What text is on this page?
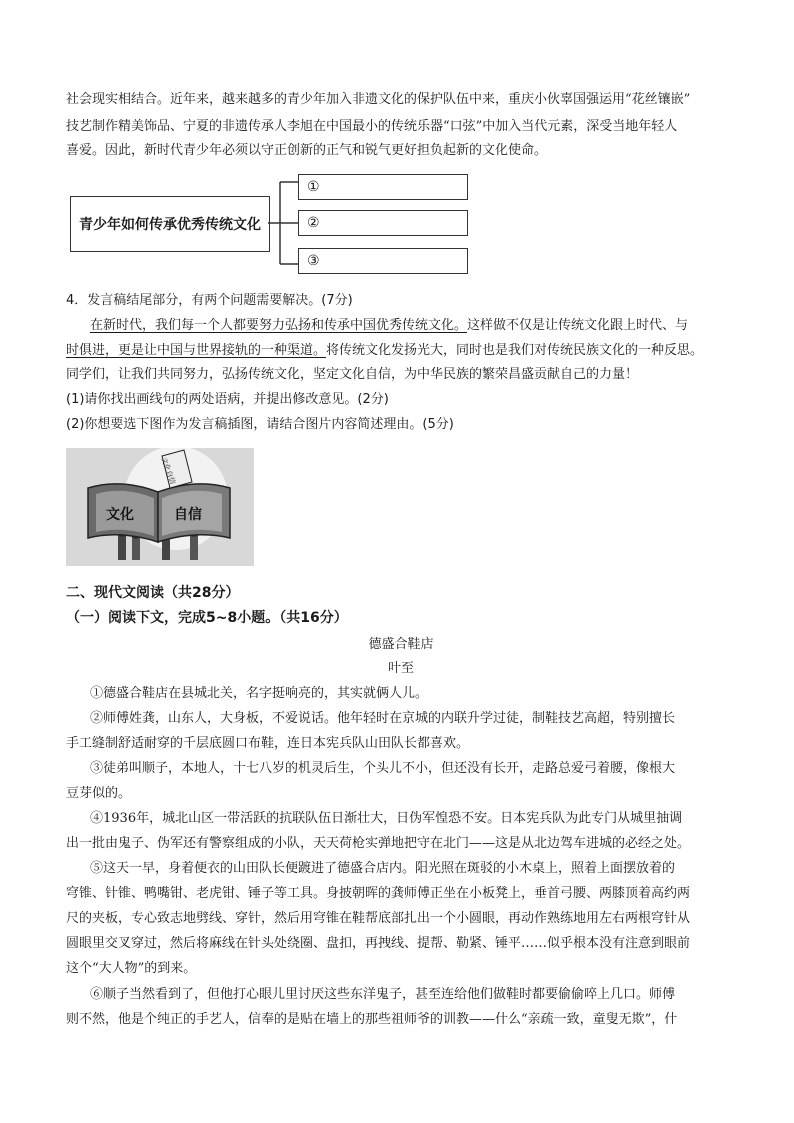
社会现实相结合。近年来，越来越多的青少年加入非遗文化的保护队伍中来，重庆小伙辜国强运用“花丝镶嵌”
技艺制作精美饰品、宁夏的非遗传承人李旭在中国最小的传统乐器“口弦”中加入当代元素，深受当地年轻人
喜爱。因此，新时代青少年必须以守正创新的正气和锐气更好担负起新的文化使命。
青少年如何传承优秀传统文化
①
②
③
4．发言稿结尾部分，有两个问题需要解决。(7分)
在新时代，我们每一个人都要努力弘扬和传承中国优秀传统文化。这样做不仅是让传统文化跟上时代、与
时俱进，更是让中国与世界接轨的一种渠道。将传统文化发扬光大，同时也是我们对传统民族文化的一种反思。
同学们，让我们共同努力，弘扬传统文化，坚定文化自信，为中华民族的繁荣昌盛贡献自己的力量！
(1)请你找出画线句的两处语病，并提出修改意见。(2分)
(2)你想要选下图作为发言稿插图，请结合图片内容简述理由。(5分)
文化自信
文化	自信
二、现代文阅读（共28分）
（一）阅读下文，完成5~8小题。（共16分）
德盛合鞋店
叶至
①德盛合鞋店在县城北关，名字挺响亮的，其实就俩人儿。
②师傅姓龚，山东人，大身板，不爱说话。他年轻时在京城的内联升学过徒，制鞋技艺高超，特别擅长
手工缝制舒适耐穿的千层底圆口布鞋，连日本宪兵队山田队长都喜欢。
③徒弟叫顺子，本地人，十七八岁的机灵后生，个头儿不小，但还没有长开，走路总爱弓着腰，像根大
豆芽似的。
④1936年，城北山区一带活跃的抗联队伍日渐壮大，日伪军惶恐不安。日本宪兵队为此专门从城里抽调
出一批由鬼子、伪军还有警察组成的小队，天天荷枪实弹地把守在北门——这是从北边驾车进城的必经之处。
⑤这天一早，身着便衣的山田队长便踱进了德盛合店内。阳光照在斑驳的小木桌上，照着上面摆放着的
穹锥、针锥、鸭嘴钳、老虎钳、锤子等工具。身披朝晖的龚师傅正坐在小板凳上，垂首弓腰、两膝顶着高约两
尺的夹板，专心致志地劈线、穿针，然后用穹锥在鞋帮底部扎出一个小圆眼，再动作熟练地用左右两根穹针从
圆眼里交叉穿过，然后将麻线在针头处绕圈、盘扣，再拽线、提帮、勒紧、锤平……似乎根本没有注意到眼前
这个“大人物”的到来。
⑥顺子当然看到了，但他打心眼儿里讨厌这些东洋鬼子，甚至连给他们做鞋时都要偷偷啐上几口。师傅
则不然，他是个纯正的手艺人，信奉的是贴在墙上的那些祖师爷的训教——什么“亲疏一致，童叟无欺”，什
